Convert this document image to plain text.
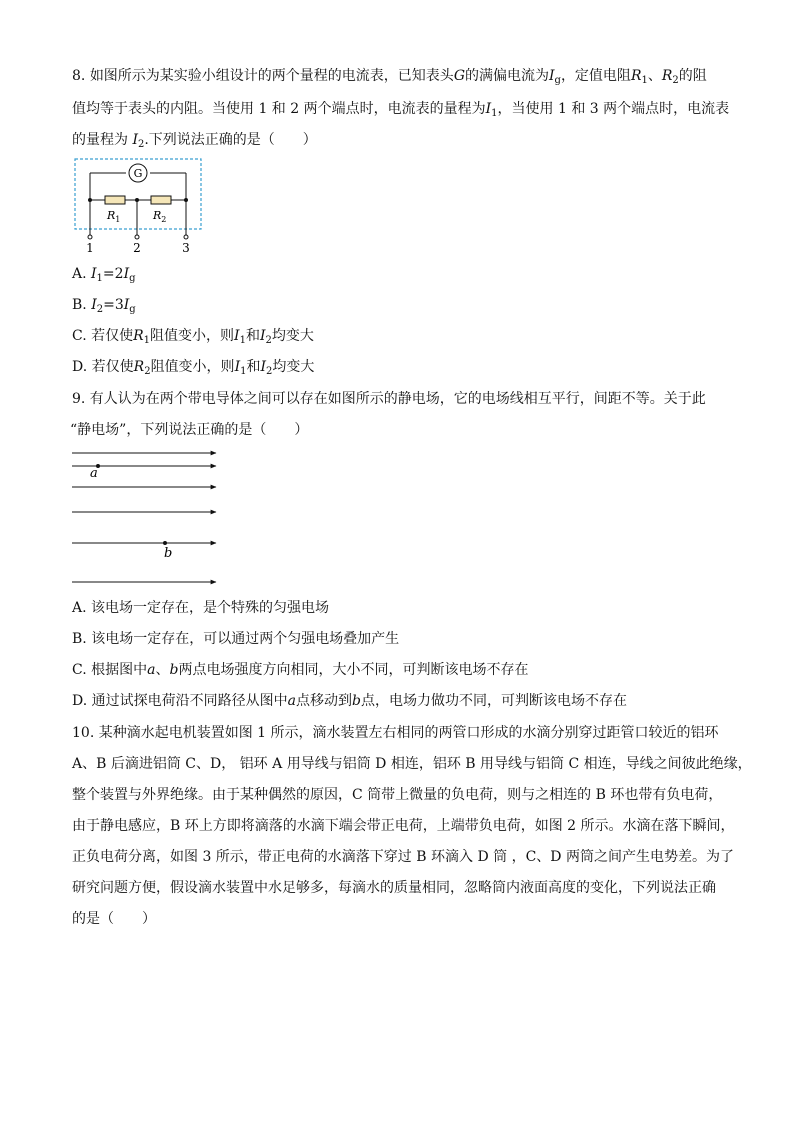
8. 如图所示为某实验小组设计的两个量程的电流表，已知表头G的满偏电流为$I_g$，定值电阻$R_1$、$R_2$的阻
值均等于表头的内阻。当使用 1 和 2 两个端点时，电流表的量程为$I_1$，当使用 1 和 3 两个端点时，电流表
的量程为 $I_2$.下列说法正确的是（　　）
G
$R_1$	$R_2$
1	2	3
A. $I_1=2I_g$
B. $I_2=3I_g$
C. 若仅使$R_1$阻值变小，则$I_1$和$I_2$均变大
D. 若仅使$R_2$阻值变小，则$I_1$和$I_2$均变大
9. 有人认为在两个带电导体之间可以存在如图所示的静电场，它的电场线相互平行，间距不等。关于此
“静电场”，下列说法正确的是（　　）
a
b
A. 该电场一定存在，是个特殊的匀强电场
B. 该电场一定存在，可以通过两个匀强电场叠加产生
C. 根据图中a、b两点电场强度方向相同，大小不同，可判断该电场不存在
D. 通过试探电荷沿不同路径从图中a点移动到b点，电场力做功不同，可判断该电场不存在
10. 某种滴水起电机装置如图 1 所示，滴水装置左右相同的两管口形成的水滴分别穿过距管口较近的铝环
A、B 后滴进铝筒 C、D， 铝环 A 用导线与铝筒 D 相连，铝环 B 用导线与铝筒 C 相连，导线之间彼此绝缘，
整个装置与外界绝缘。由于某种偶然的原因，C 筒带上微量的负电荷，则与之相连的 B 环也带有负电荷，
由于静电感应，B 环上方即将滴落的水滴下端会带正电荷，上端带负电荷，如图 2 所示。水滴在落下瞬间，
正负电荷分离，如图 3 所示，带正电荷的水滴落下穿过 B 环滴入 D 筒 ，C、D 两筒之间产生电势差。为了
研究问题方便，假设滴水装置中水足够多，每滴水的质量相同，忽略筒内液面高度的变化，下列说法正确
的是（　　）
